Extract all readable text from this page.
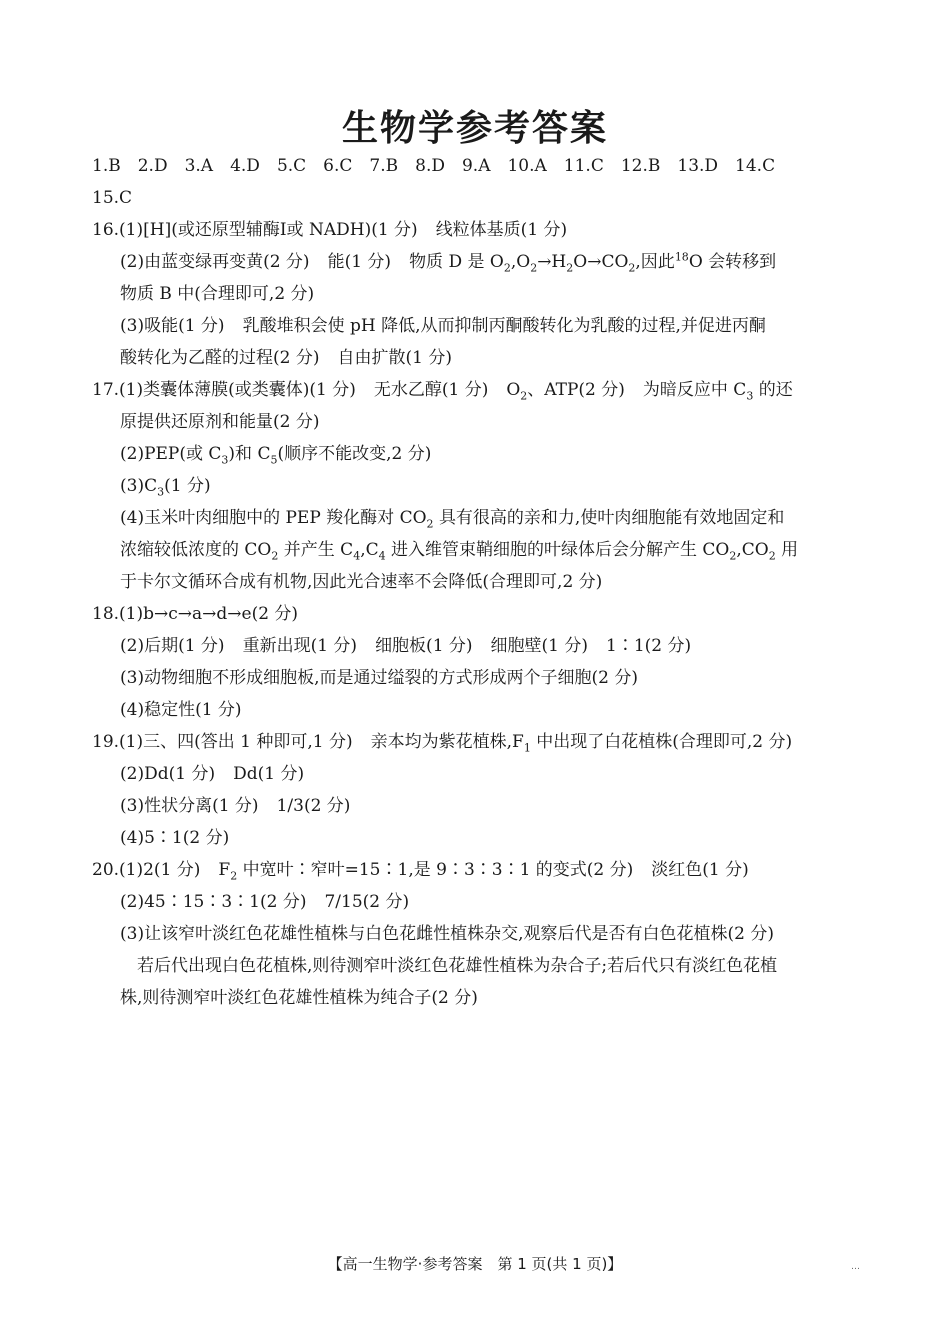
生物学参考答案
1.B 2.D 3.A 4.D 5.C 6.C 7.B 8.D 9.A 10.A 11.C 12.B 13.D 14.C
15.C
16.(1)[H](或还原型辅酶Ⅰ或 NADH)(1 分) 线粒体基质(1 分)
(2)由蓝变绿再变黄(2 分) 能(1 分) 物质 D 是 $O_2,O_2\to H_2O\to CO_2$,因此$^{18}$O 会转移到
物质 B 中(合理即可,2 分)
(3)吸能(1 分) 乳酸堆积会使 pH 降低,从而抑制丙酮酸转化为乳酸的过程,并促进丙酮
酸转化为乙醛的过程(2 分) 自由扩散(1 分)
17.(1)类囊体薄膜(或类囊体)(1 分) 无水乙醇(1 分) $O_2$、ATP(2 分) 为暗反应中 $C_3$ 的还
原提供还原剂和能量(2 分)
(2)PEP(或 $C_3$)和 $C_5$(顺序不能改变,2 分)
$(3)C_3(1$ 分)
(4)玉米叶肉细胞中的 PEP 羧化酶对 $CO_2$ 具有很高的亲和力,使叶肉细胞能有效地固定和
浓缩较低浓度的 $CO_2$ 并产生 $C_4,C_4$ 进入维管束鞘细胞的叶绿体后会分解产生 $CO_2,CO_2$ 用
于卡尔文循环合成有机物,因此光合速率不会降低(合理即可,2 分)
18.(1)b→c→a→d→e(2 分)
(2)后期(1 分) 重新出现(1 分) 细胞板(1 分) 细胞壁(1 分) 1∶1(2 分)
(3)动物细胞不形成细胞板,而是通过缢裂的方式形成两个子细胞(2 分)
(4)稳定性(1 分)
19.(1)三、四(答出 1 种即可,1 分) 亲本均为紫花植株$,F_1$ 中出现了白花植株(合理即可,2 分)
(2)Dd(1 分) Dd(1 分)
(3)性状分离(1 分) 1/3(2 分)
(4)5∶1(2 分)
20.(1)2(1 分) $F_2$ 中宽叶∶窄叶=15∶1,是 9∶3∶3∶1 的变式(2 分) 淡红色(1 分)
(2)45∶15∶3∶1(2 分) 7/15(2 分)
(3)让该窄叶淡红色花雄性植株与白色花雌性植株杂交,观察后代是否有白色花植株(2 分)
若后代出现白色花植株,则待测窄叶淡红色花雄性植株为杂合子;若后代只有淡红色花植
株,则待测窄叶淡红色花雄性植株为纯合子(2 分)
【高一生物学·参考答案　第 1 页(共 1 页)】	…
